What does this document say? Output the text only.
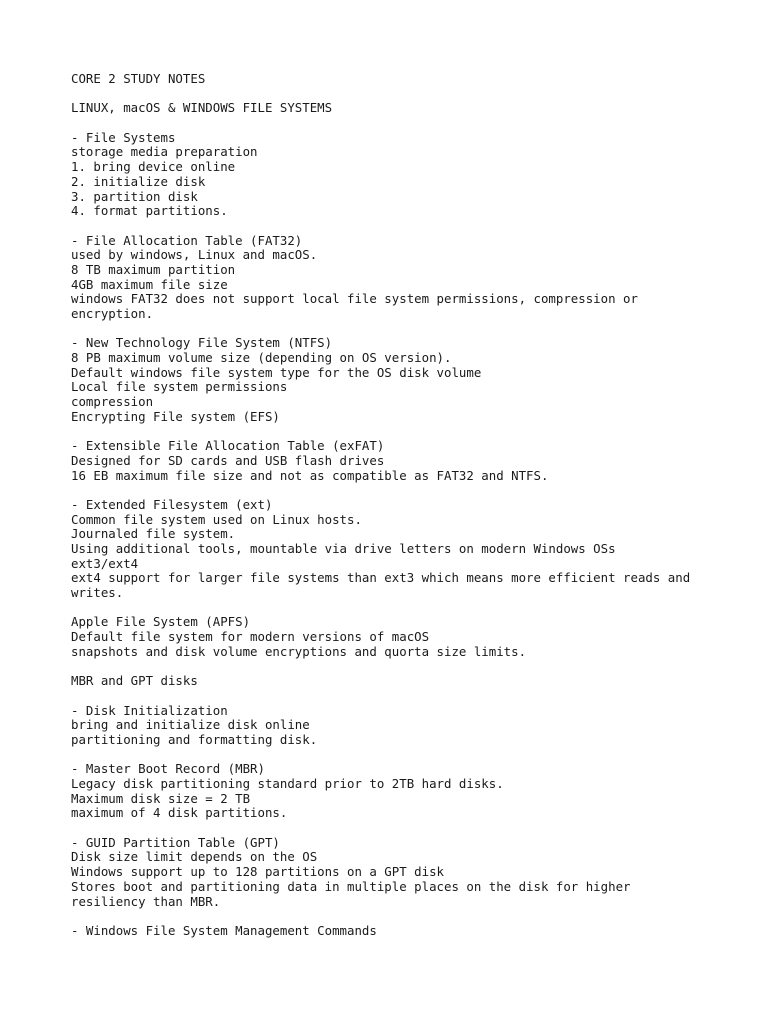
CORE 2 STUDY NOTES
LINUX, macOS & WINDOWS FILE SYSTEMS
- File Systems
storage media preparation
1. bring device online
2. initialize disk
3. partition disk
4. format partitions.
- File Allocation Table (FAT32)
used by windows, Linux and macOS.
8 TB maximum partition
4GB maximum file size
windows FAT32 does not support local file system permissions, compression or
encryption.
- New Technology File System (NTFS)
8 PB maximum volume size (depending on OS version).
Default windows file system type for the OS disk volume
Local file system permissions
compression
Encrypting File system (EFS)
- Extensible File Allocation Table (exFAT)
Designed for SD cards and USB flash drives
16 EB maximum file size and not as compatible as FAT32 and NTFS.
- Extended Filesystem (ext)
Common file system used on Linux hosts.
Journaled file system.
Using additional tools, mountable via drive letters on modern Windows OSs
ext3/ext4
ext4 support for larger file systems than ext3 which means more efficient reads and
writes.
Apple File System (APFS)
Default file system for modern versions of macOS
snapshots and disk volume encryptions and quorta size limits.
MBR and GPT disks
- Disk Initialization
bring and initialize disk online
partitioning and formatting disk.
- Master Boot Record (MBR)
Legacy disk partitioning standard prior to 2TB hard disks.
Maximum disk size = 2 TB
maximum of 4 disk partitions.
- GUID Partition Table (GPT)
Disk size limit depends on the OS
Windows support up to 128 partitions on a GPT disk
Stores boot and partitioning data in multiple places on the disk for higher
resiliency than MBR.
- Windows File System Management Commands
